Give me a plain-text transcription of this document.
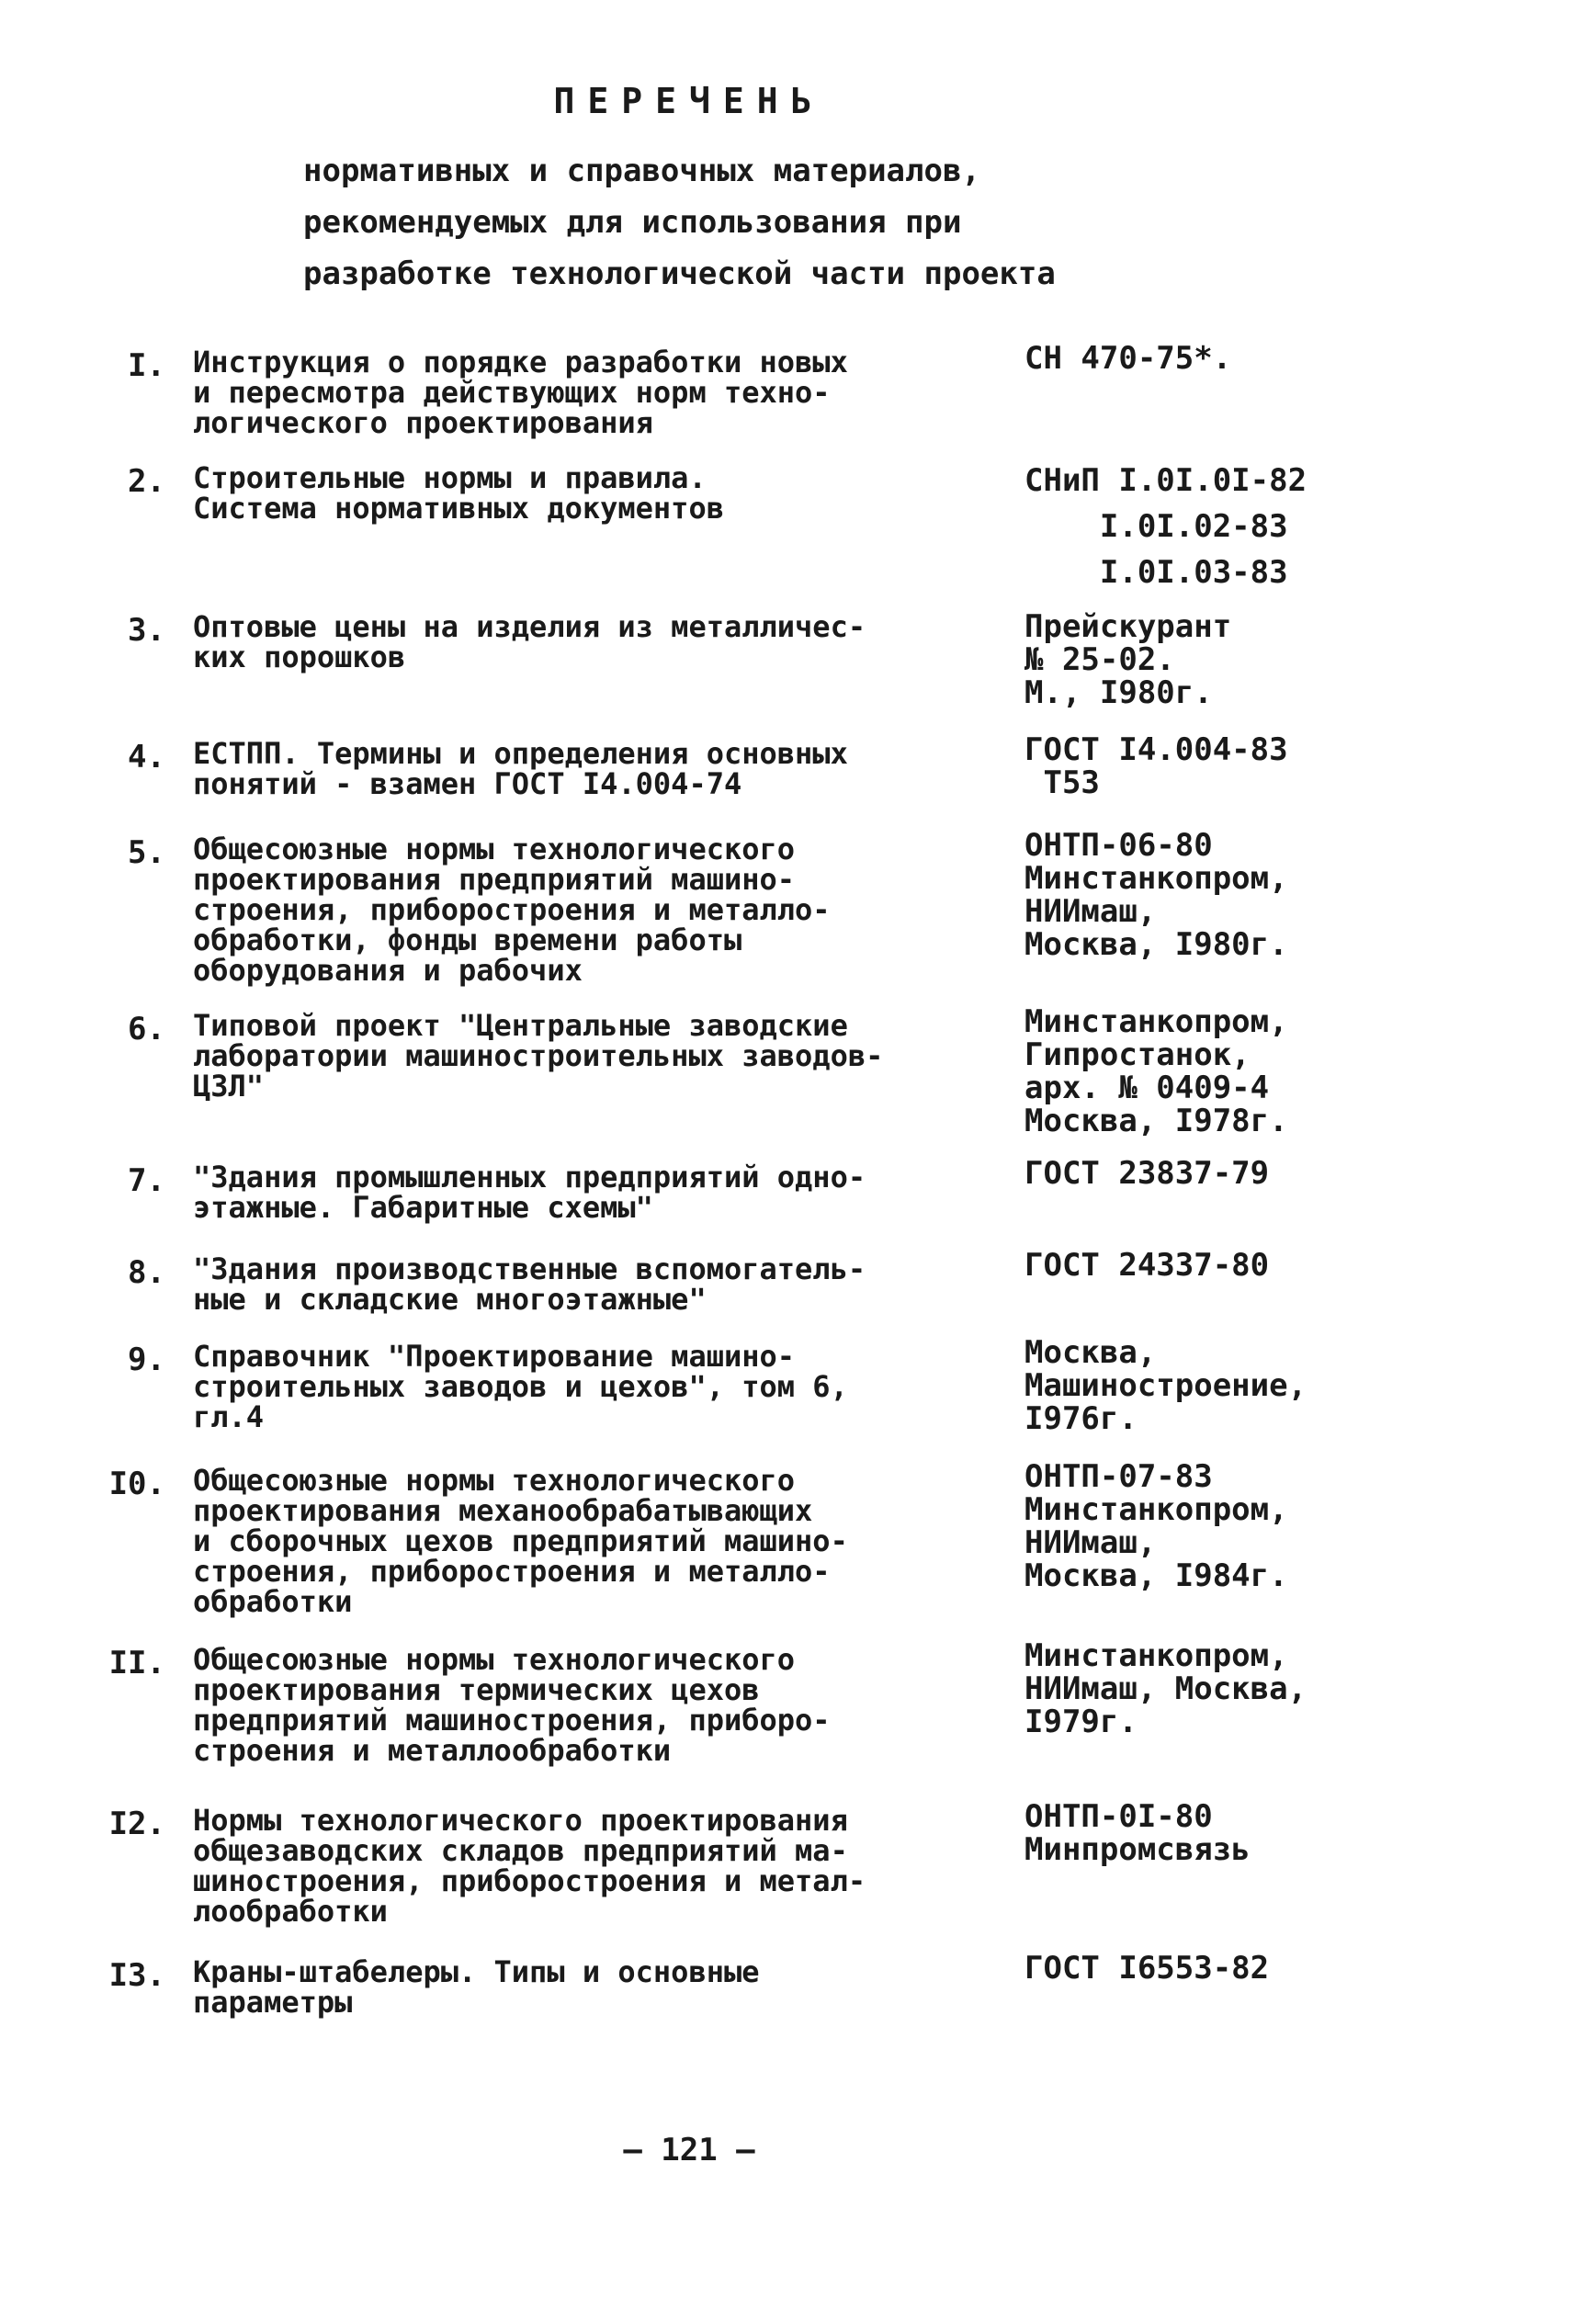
ПЕРЕЧЕНЬ
нормативных и справочных материалов,
рекомендуемых для использования при
разработке технологической части проекта
I. Инструкция о порядке разработки новых
и пересмотра действующих норм техно-
логического проектирования
СН 470-75*.
2. Строительные нормы и правила.
Система нормативных документов
СНиП I.0I.0I-82
I.0I.02-83
I.0I.03-83
3. Оптовые цены на изделия из металличес-
ких порошков
Прейскурант
№ 25-02.
М., I980г.
4. ЕСТПП. Термины и определения основных
понятий - взамен ГОСТ I4.004-74
ГОСТ I4.004-83
Т53
5. Общесоюзные нормы технологического
проектирования предприятий машино-
строения, приборостроения и металло-
обработки, фонды времени работы
оборудования и рабочих
ОНТП-06-80
Минстанкопром,
НИИмаш,
Москва, I980г.
6. Типовой проект "Центральные заводские
лаборатории машиностроительных заводов-
ЦЗЛ"
Минстанкопром,
Гипростанок,
арх. № 0409-4
Москва, I978г.
7. "Здания промышленных предприятий одно-
этажные. Габаритные схемы"
ГОСТ 23837-79
8. "Здания производственные вспомогатель-
ные и складские многоэтажные"
ГОСТ 24337-80
9. Справочник "Проектирование машино-
строительных заводов и цехов", том 6,
гл.4
Москва,
Машиностроение,
I976г.
I0. Общесоюзные нормы технологического
проектирования механообрабатывающих
и сборочных цехов предприятий машино-
строения, приборостроения и металло-
обработки
ОНТП-07-83
Минстанкопром,
НИИмаш,
Москва, I984г.
II. Общесоюзные нормы технологического
проектирования термических цехов
предприятий машиностроения, приборо-
строения и металлообработки
Минстанкопром,
НИИмаш, Москва,
I979г.
I2. Нормы технологического проектирования
общезаводских складов предприятий ма-
шиностроения, приборостроения и метал-
лообработки
ОНТП-0I-80
Минпромсвязь
I3. Краны-штабелеры. Типы и основные
параметры
ГОСТ I6553-82
— 121 —
